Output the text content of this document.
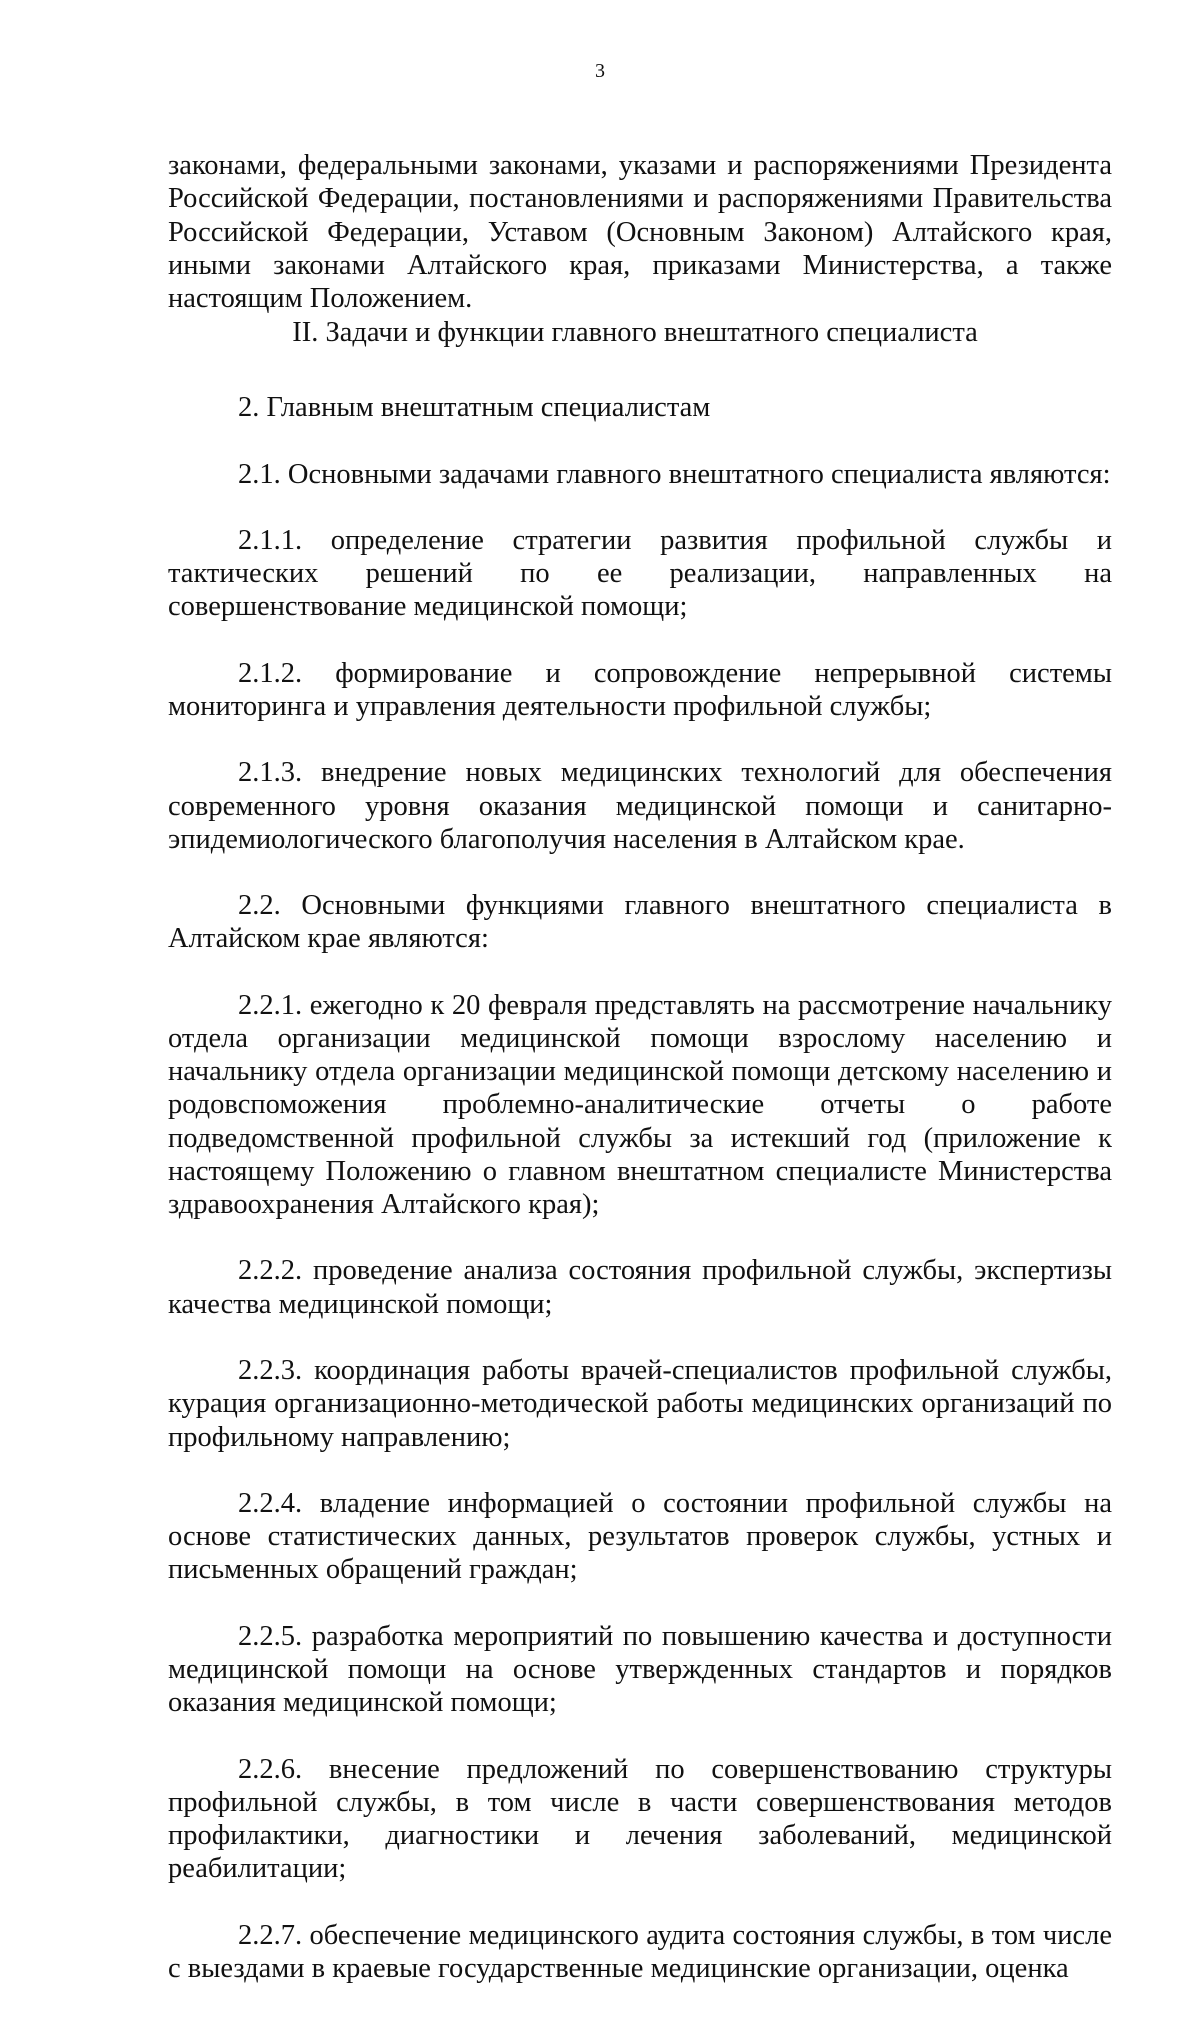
3

законами, федеральными законами, указами и распоряжениями Президента Российской Федерации, постановлениями и распоряжениями Правительства Российской Федерации, Уставом (Основным Законом) Алтайского края, иными законами Алтайского края, приказами Министерства, а также настоящим Положением.

II. Задачи и функции главного внештатного специалиста

2. Главным внештатным специалистам

2.1. Основными задачами главного внештатного специалиста являются:

2.1.1. определение стратегии развития профильной службы и тактических решений по ее реализации, направленных на совершенствование медицинской помощи;

2.1.2. формирование и сопровождение непрерывной системы мониторинга и управления деятельности профильной службы;

2.1.3. внедрение новых медицинских технологий для обеспечения современного уровня оказания медицинской помощи и санитарно-эпидемиологического благополучия населения в Алтайском крае.

2.2. Основными функциями главного внештатного специалиста в Алтайском крае являются:

2.2.1. ежегодно к 20 февраля представлять на рассмотрение начальнику отдела организации медицинской помощи взрослому населению и начальнику отдела организации медицинской помощи детскому населению и родовспоможения проблемно-аналитические отчеты о работе подведомственной профильной службы за истекший год (приложение к настоящему Положению о главном внештатном специалисте Министерства здравоохранения Алтайского края);

2.2.2. проведение анализа состояния профильной службы, экспертизы качества медицинской помощи;

2.2.3. координация работы врачей-специалистов профильной службы, курация организационно-методической работы медицинских организаций по профильному направлению;

2.2.4. владение информацией о состоянии профильной службы на основе статистических данных, результатов проверок службы, устных и письменных обращений граждан;

2.2.5. разработка мероприятий по повышению качества и доступности медицинской помощи на основе утвержденных стандартов и порядков оказания медицинской помощи;

2.2.6. внесение предложений по совершенствованию структуры профильной службы, в том числе в части совершенствования методов профилактики, диагностики и лечения заболеваний, медицинской реабилитации;

2.2.7. обеспечение медицинского аудита состояния службы, в том числе с выездами в краевые государственные медицинские организации, оценка
